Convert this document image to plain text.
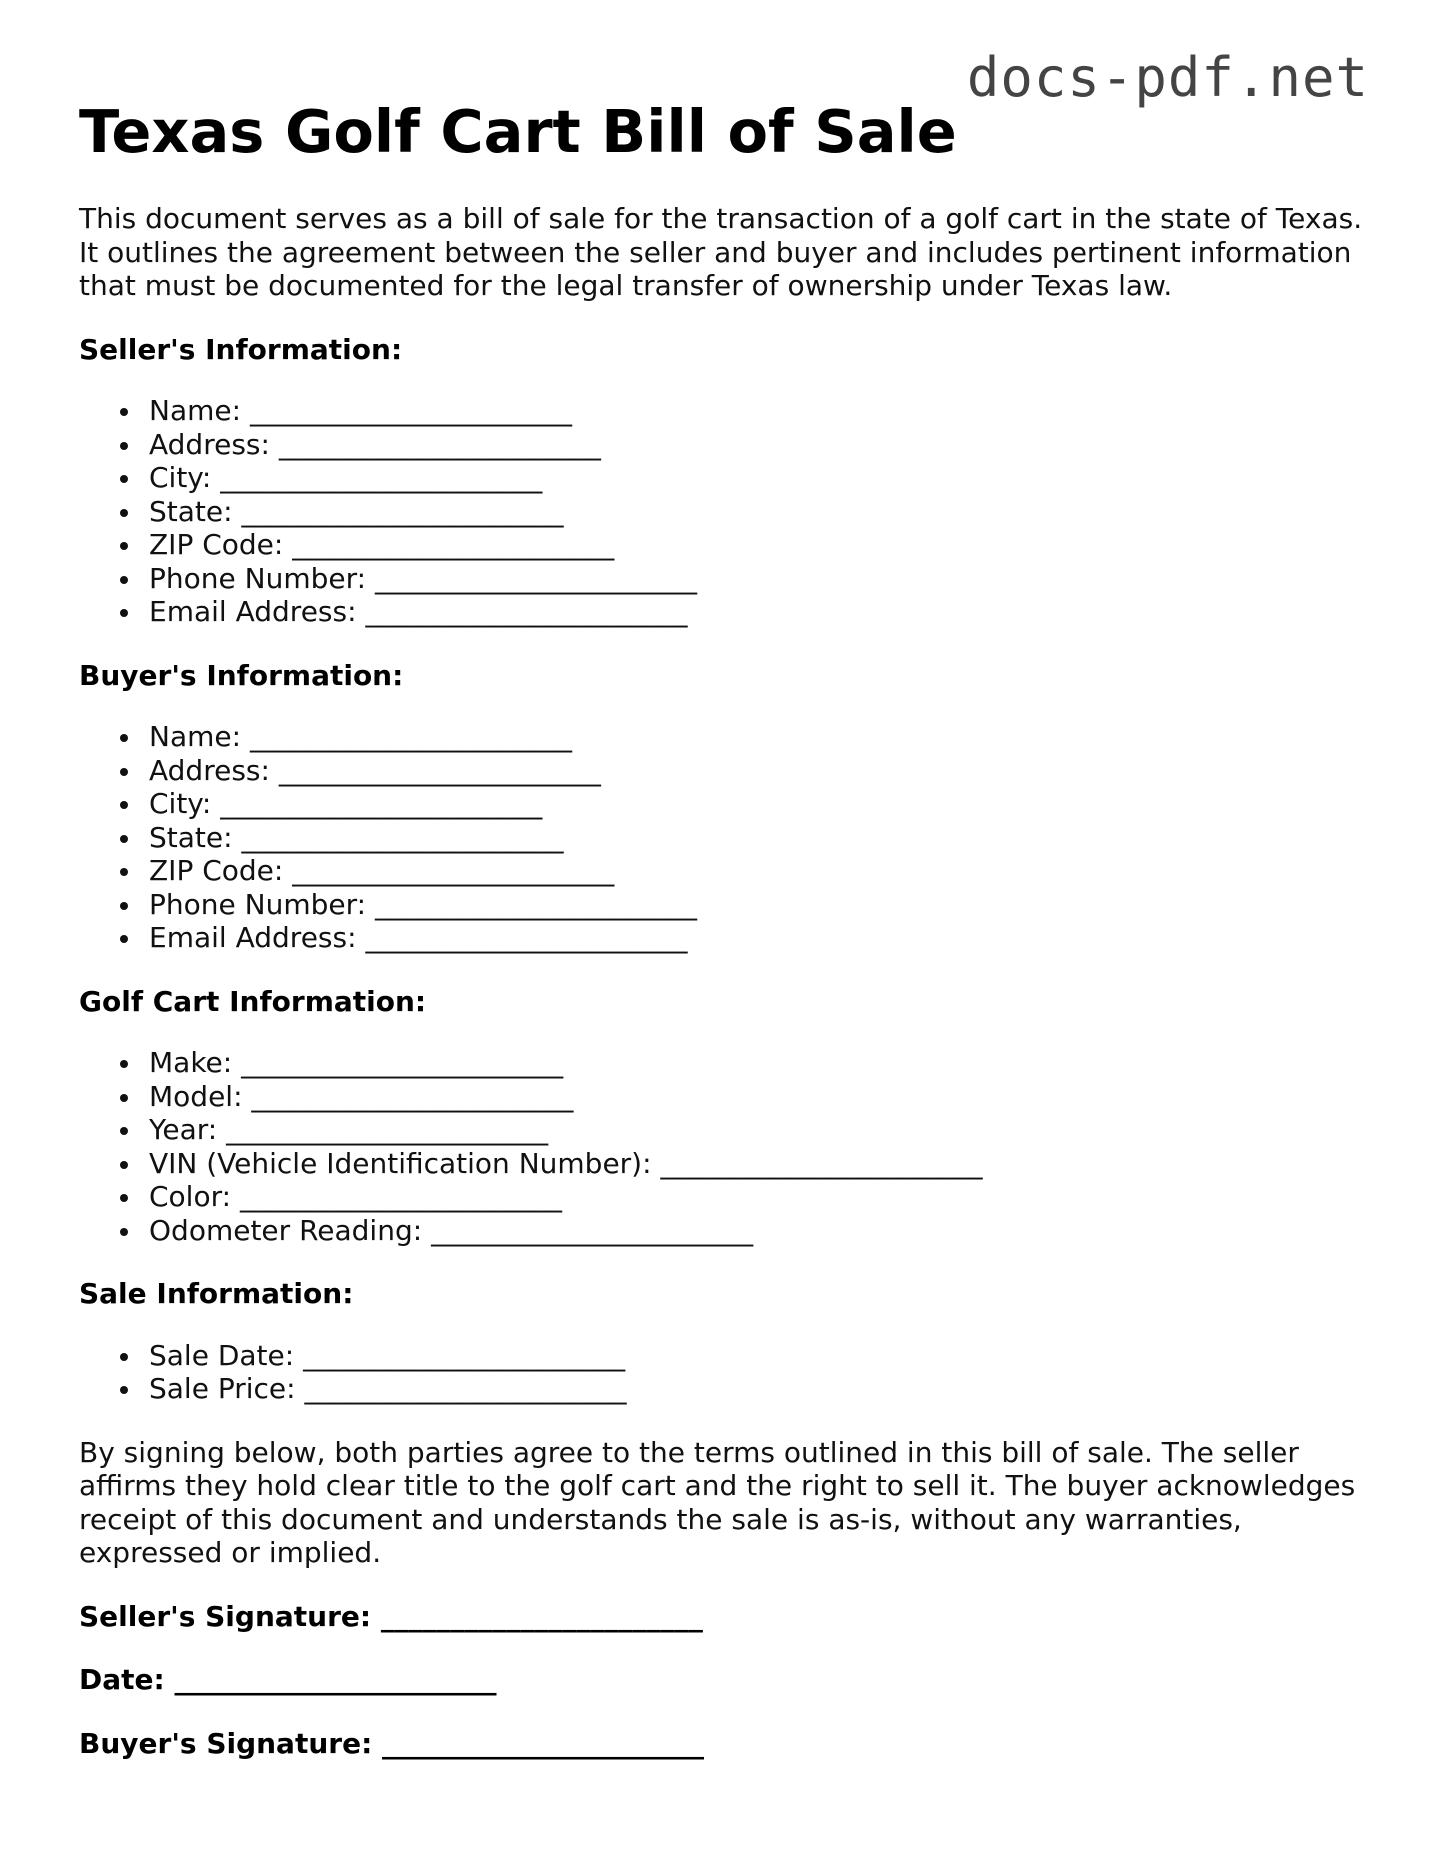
docs-pdf.net
Texas Golf Cart Bill of Sale

This document serves as a bill of sale for the transaction of a golf cart in the state of Texas. It outlines the agreement between the seller and buyer and includes pertinent information that must be documented for the legal transfer of ownership under Texas law.

Seller's Information:
Name: _______________________
Address: _______________________
City: _______________________
State: _______________________
ZIP Code: _______________________
Phone Number: _______________________
Email Address: _______________________
Buyer's Information:
Name: _______________________
Address: _______________________
City: _______________________
State: _______________________
ZIP Code: _______________________
Phone Number: _______________________
Email Address: _______________________
Golf Cart Information:
Make: _______________________
Model: _______________________
Year: _______________________
VIN (Vehicle Identification Number): _______________________
Color: _______________________
Odometer Reading: _______________________
Sale Information:
Sale Date: _______________________
Sale Price: _______________________

By signing below, both parties agree to the terms outlined in this bill of sale. The seller affirms they hold clear title to the golf cart and the right to sell it. The buyer acknowledges receipt of this document and understands the sale is as-is, without any warranties, expressed or implied.

Seller's Signature: _______________________
Date: _______________________
Buyer's Signature: _______________________
